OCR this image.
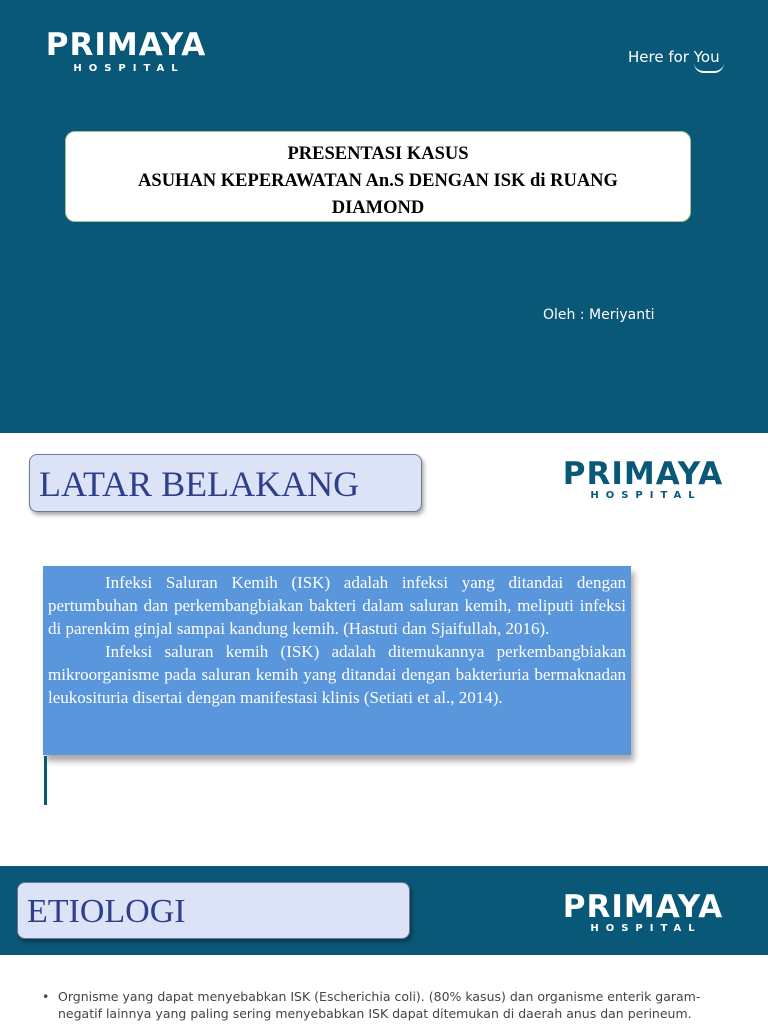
PRIMAYA
HOSPITAL
Here for You
PRESENTASI KASUS
ASUHAN KEPERAWATAN An.S DENGAN ISK di RUANG
DIAMOND
Oleh : Meriyanti
LATAR BELAKANG	PRIMAYA
HOSPITAL

Infeksi Saluran Kemih (ISK) adalah infeksi yang ditandai dengan pertumbuhan dan perkembangbiakan bakteri dalam saluran kemih, meliputi infeksi di parenkim ginjal sampai kandung kemih. (Hastuti dan Sjaifullah, 2016).

Infeksi saluran kemih (ISK) adalah ditemukannya perkembangbiakan mikroorganisme pada saluran kemih yang ditandai dengan bakteriuria bermaknadan leukosituria disertai dengan manifestasi klinis (Setiati et al., 2014).

ETIOLOGI	PRIMAYA
HOSPITAL
• Orgnisme yang dapat menyebabkan ISK (Escherichia coli). (80% kasus) dan organisme enterik garam-negatif lainnya yang paling sering menyebabkan ISK dapat ditemukan di daerah anus dan perineum.
